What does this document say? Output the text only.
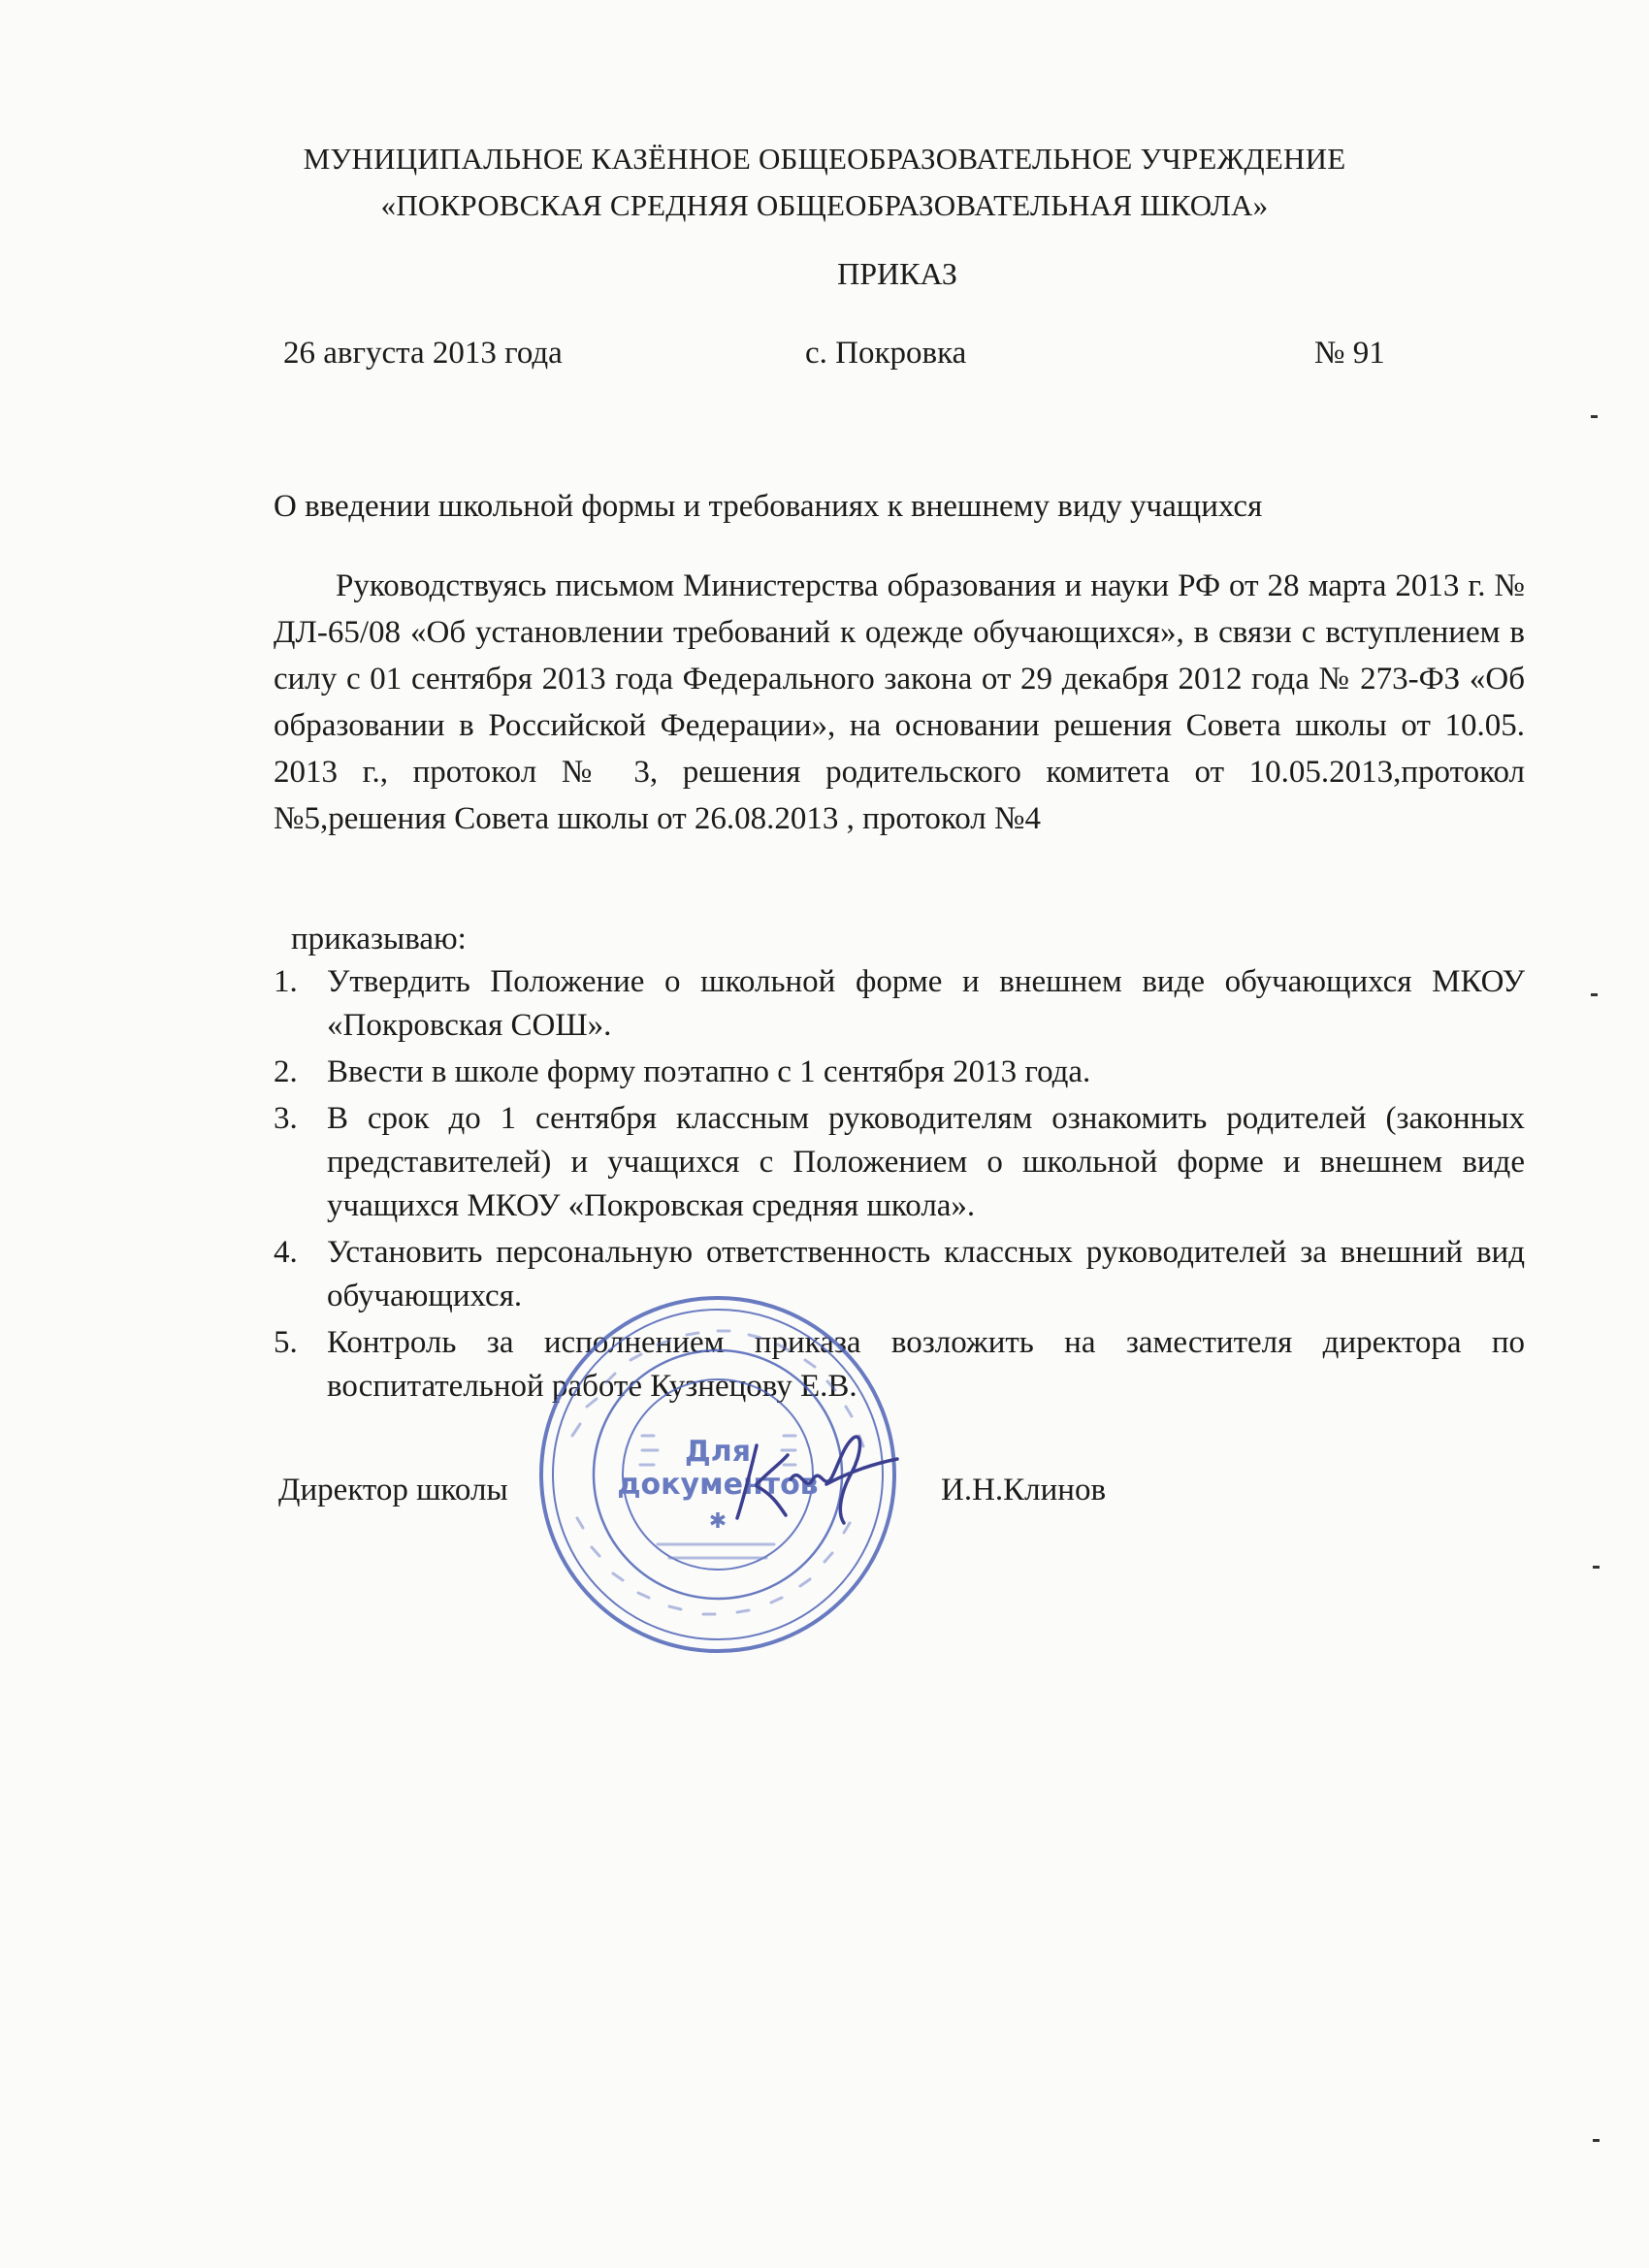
МУНИЦИПАЛЬНОЕ КАЗЁННОЕ ОБЩЕОБРАЗОВАТЕЛЬНОЕ УЧРЕЖДЕНИЕ
«ПОКРОВСКАЯ СРЕДНЯЯ ОБЩЕОБРАЗОВАТЕЛЬНАЯ ШКОЛА»
ПРИКАЗ
26 августа 2013 года	с. Покровка	№ 91
О введении школьной формы и требованиях к внешнему виду учащихся
Руководствуясь письмом Министерства образования и науки РФ от 28 марта 2013 г. № ДЛ-65/08 «Об установлении требований к одежде обучающихся», в связи с вступлением в силу с 01 сентября 2013 года Федерального закона от 29 декабря 2012 года № 273-ФЗ «Об образовании в Российской Федерации», на основании решения Совета школы от 10.05. 2013 г., протокол № 3, решения родительского комитета от 10.05.2013,протокол №5,решения Совета школы от 26.08.2013 , протокол №4
приказываю:
1. Утвердить Положение о школьной форме и внешнем виде обучающихся МКОУ «Покровская СОШ».
2. Ввести в школе форму поэтапно с 1 сентября 2013 года.
3. В срок до 1 сентября классным руководителям ознакомить родителей (законных представителей) и учащихся с Положением о школьной форме и внешнем виде учащихся МКОУ «Покровская средняя школа».
4. Установить персональную ответственность классных руководителей за внешний вид обучающихся.
5. Контроль за исполнением приказа возложить на заместителя директора по воспитательной работе Кузнецову Е.В.
Директор школы	И.Н.Клинов
Для
документов
✱
